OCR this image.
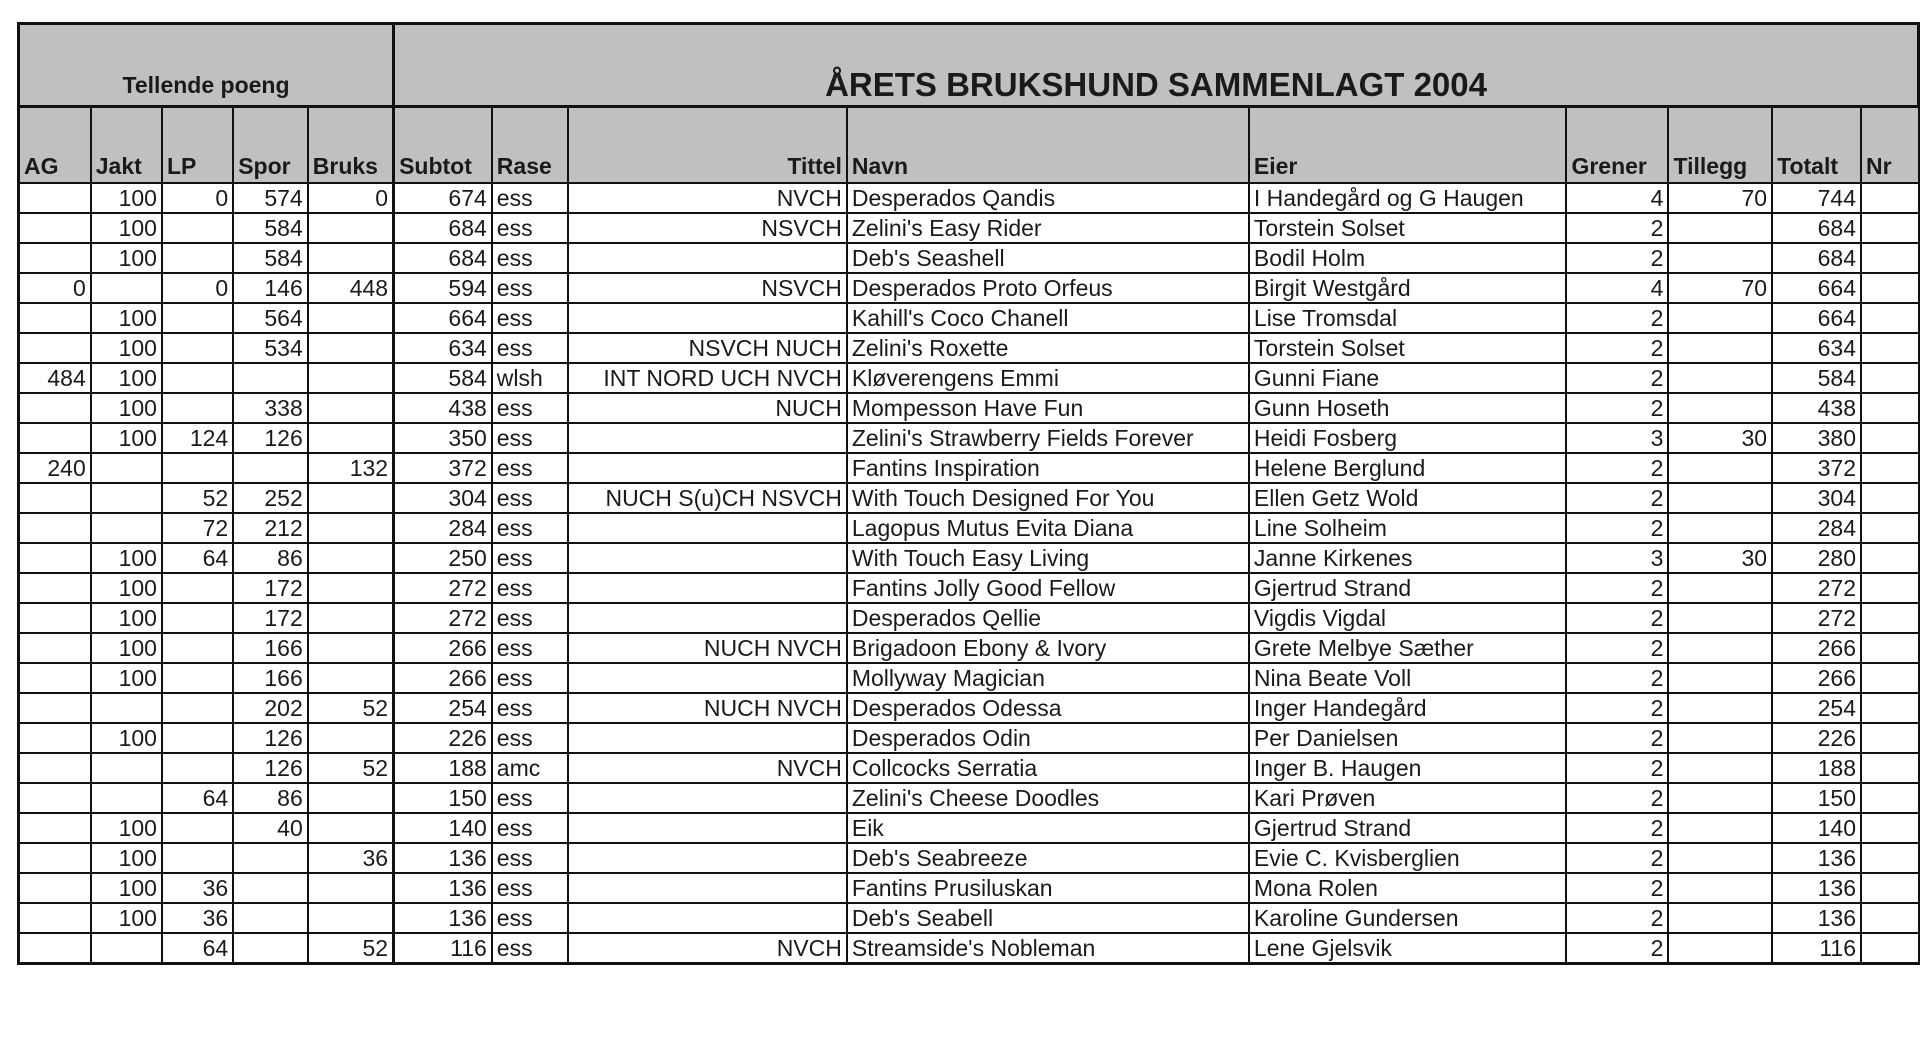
Tellende poeng					ÅRETS BRUKSHUND SAMMENLAGT 2004								
AG	Jakt	LP	Spor	Bruks	Subtot	Rase	Tittel	Navn	Eier	Grener	Tillegg	Totalt	Nr
	100	0	574	0	674	ess	NVCH	Desperados Qandis	I Handegård og G Haugen	4	70	744	
	100		584		684	ess	NSVCH	Zelini's Easy Rider	Torstein Solset	2		684	
	100		584		684	ess		Deb's Seashell	Bodil Holm	2		684	
0		0	146	448	594	ess	NSVCH	Desperados Proto Orfeus	Birgit Westgård	4	70	664	
	100		564		664	ess		Kahill's Coco Chanell	Lise Tromsdal	2		664	
	100		534		634	ess	NSVCH NUCH	Zelini's Roxette	Torstein Solset	2		634	
484	100				584	wlsh	INT NORD UCH NVCH	Kløverengens Emmi	Gunni Fiane	2		584	
	100		338		438	ess	NUCH	Mompesson Have Fun	Gunn Hoseth	2		438	
	100	124	126		350	ess		Zelini's Strawberry Fields Forever	Heidi Fosberg	3	30	380	
240				132	372	ess		Fantins Inspiration	Helene Berglund	2		372	
		52	252		304	ess	NUCH S(u)CH NSVCH	With Touch Designed For You	Ellen Getz Wold	2		304	
		72	212		284	ess		Lagopus Mutus Evita Diana	Line Solheim	2		284	
	100	64	86		250	ess		With Touch Easy Living	Janne Kirkenes	3	30	280	
	100		172		272	ess		Fantins Jolly Good Fellow	Gjertrud Strand	2		272	
	100		172		272	ess		Desperados Qellie	Vigdis Vigdal	2		272	
	100		166		266	ess	NUCH NVCH	Brigadoon Ebony & Ivory	Grete Melbye Sæther	2		266	
	100		166		266	ess		Mollyway Magician	Nina Beate Voll	2		266	
			202	52	254	ess	NUCH NVCH	Desperados Odessa	Inger Handegård	2		254	
	100		126		226	ess		Desperados Odin	Per Danielsen	2		226	
			126	52	188	amc	NVCH	Collcocks Serratia	Inger B. Haugen	2		188	
		64	86		150	ess		Zelini's Cheese Doodles	Kari Prøven	2		150	
	100		40		140	ess		Eik	Gjertrud Strand	2		140	
	100			36	136	ess		Deb's Seabreeze	Evie C. Kvisberglien	2		136	
	100	36			136	ess		Fantins Prusiluskan	Mona Rolen	2		136	
	100	36			136	ess		Deb's Seabell	Karoline Gundersen	2		136	
		64		52	116	ess	NVCH	Streamside's Nobleman	Lene Gjelsvik	2		116	
